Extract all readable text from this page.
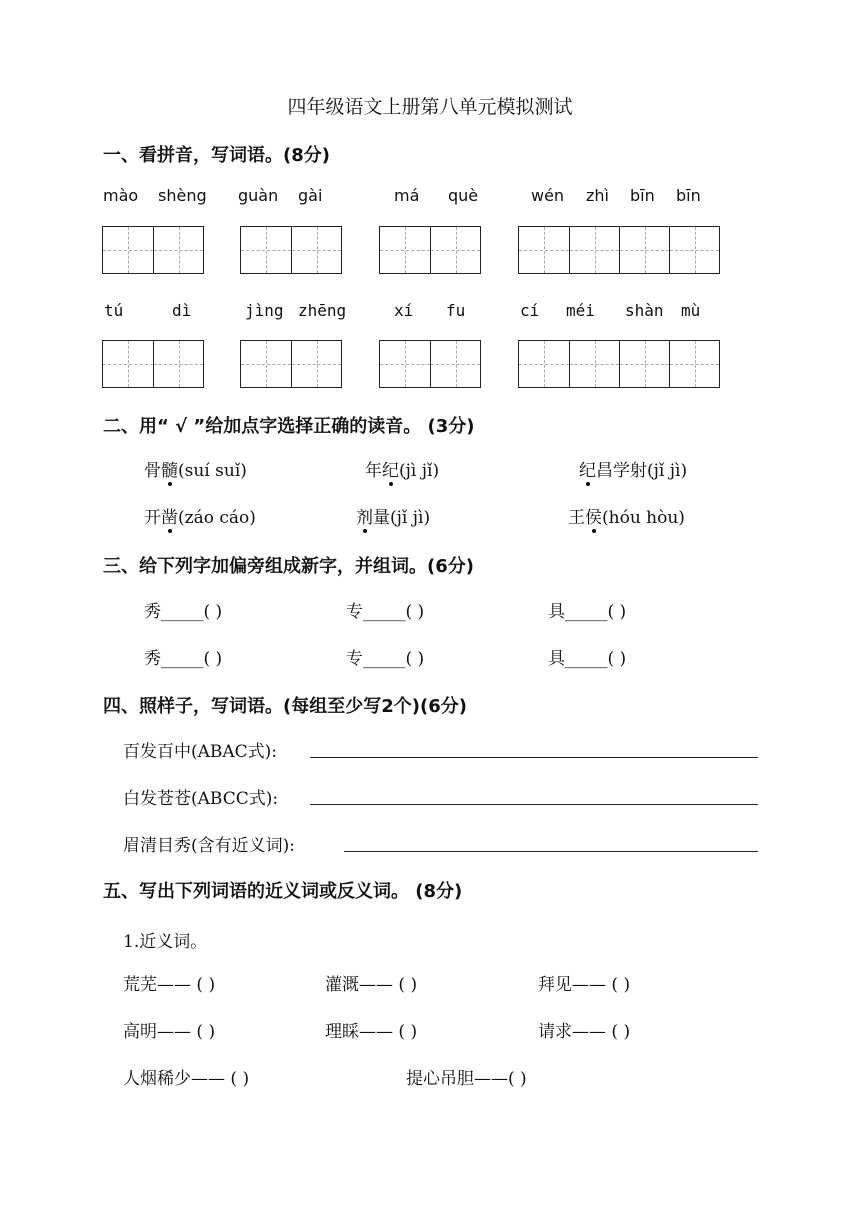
四年级语文上册第八单元模拟测试
一、看拼音，写词语。(8分)
mào shèng guàn gài	má què	wén zhì bīn bīn
tú	dì	jìng zhēng	xí fu	cí méi shàn mù
二、用“ √ ”给加点字选择正确的读音。 (3分)
骨髓(suí suǐ)	年纪(jì jǐ)	纪昌学射(jǐ jì)
开凿(záo cáo)	剂量(jǐ jì)	王侯(hóu hòu)
三、给下列字加偏旁组成新字，并组词。(6分)
秀_____( )	专_____( )	具_____( )
秀_____( )	专_____( )	具_____( )
四、照样子，写词语。(每组至少写2个)(6分)
百发百中(ABAC式):
白发苍苍(ABCC式):
眉清目秀(含有近义词):
五、写出下列词语的近义词或反义词。 (8分)
1.近义词。
荒芜—— ( )	灌溉—— ( )	拜见—— ( )
高明—— ( )	理睬—— ( )	请求—— ( )
人烟稀少—— ( )	提心吊胆——( )
